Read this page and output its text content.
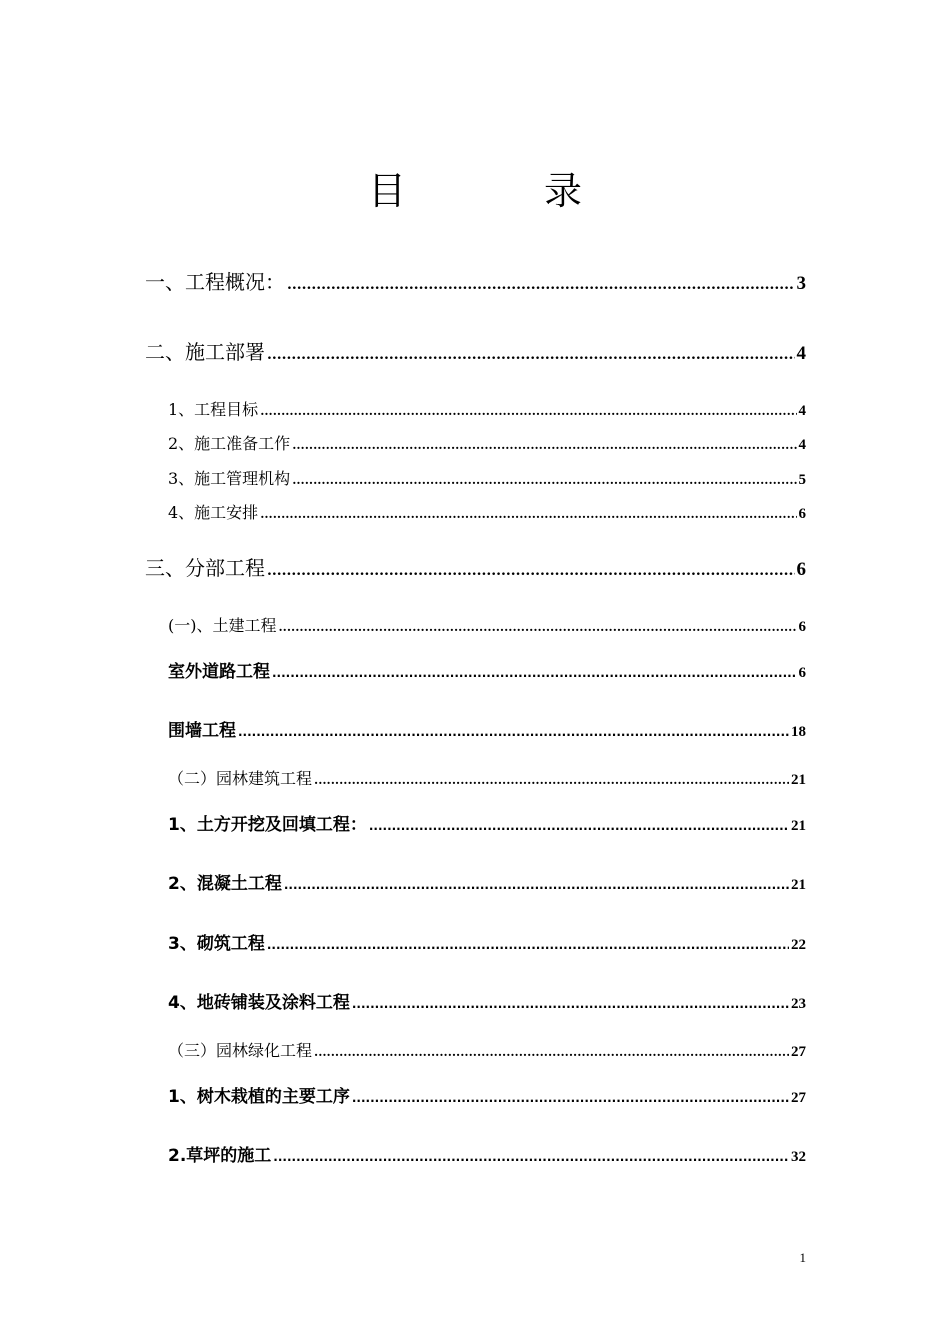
目　录
一、工程概况： .....	3
二、施工部署 .....	4
1、工程目标 .....	4
2、施工准备工作 .....	4
3、施工管理机构 .....	5
4、施工安排 .....	6
三、分部工程 .....	6
(一)、土建工程 .....	6
室外道路工程 .....	6
围墙工程 .....	18
（二）园林建筑工程 .....	21
1、土方开挖及回填工程： .....	21
2、混凝土工程 .....	21
3、砌筑工程 .....	22
4、地砖铺装及涂料工程 .....	23
（三）园林绿化工程 .....	27
1、树木栽植的主要工序 .....	27
2.草坪的施工 .....	32
1
